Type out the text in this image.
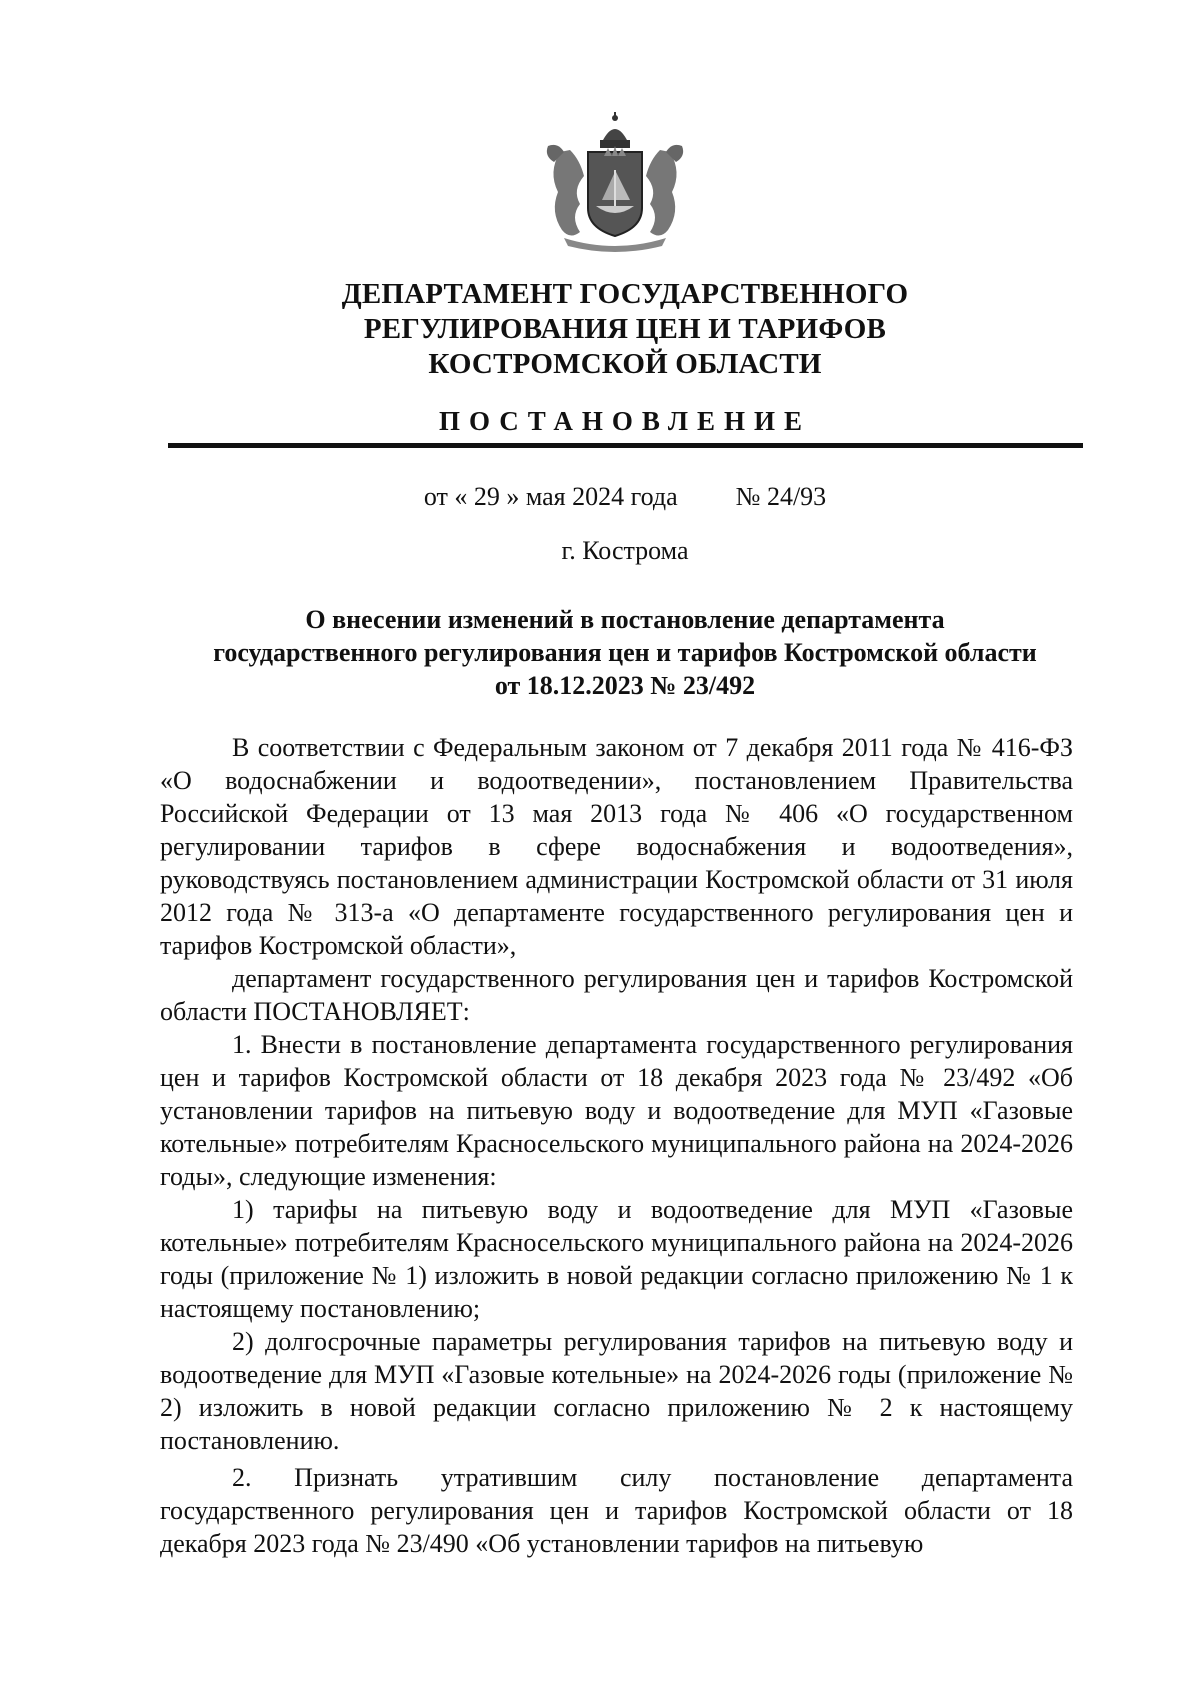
ДЕПАРТАМЕНТ ГОСУДАРСТВЕННОГО
РЕГУЛИРОВАНИЯ ЦЕН И ТАРИФОВ
КОСТРОМСКОЙ ОБЛАСТИ
ПОСТАНОВЛЕНИЕ
от « 29 » мая 2024 года № 24/93
г. Кострома
О внесении изменений в постановление департамента
государственного регулирования цен и тарифов Костромской области
от 18.12.2023 № 23/492

В соответствии с Федеральным законом от 7 декабря 2011 года № 416-ФЗ «О водоснабжении и водоотведении», постановлением Правительства Российской Федерации от 13 мая 2013 года № 406 «О государственном регулировании тарифов в сфере водоснабжения и водоотведения», руководствуясь постановлением администрации Костромской области от 31 июля 2012 года № 313-а «О департаменте государственного регулирования цен и тарифов Костромской области»,

департамент государственного регулирования цен и тарифов Костромской области ПОСТАНОВЛЯЕТ:

1. Внести в постановление департамента государственного регулирования цен и тарифов Костромской области от 18 декабря 2023 года № 23/492 «Об установлении тарифов на питьевую воду и водоотведение для МУП «Газовые котельные» потребителям Красносельского муниципального района на 2024-2026 годы», следующие изменения:

1) тарифы на питьевую воду и водоотведение для МУП «Газовые котельные» потребителям Красносельского муниципального района на 2024-2026 годы (приложение № 1) изложить в новой редакции согласно приложению № 1 к настоящему постановлению;

2) долгосрочные параметры регулирования тарифов на питьевую воду и водоотведение для МУП «Газовые котельные» на 2024-2026 годы (приложение № 2) изложить в новой редакции согласно приложению № 2 к настоящему постановлению.

2. Признать утратившим силу постановление департамента государственного регулирования цен и тарифов Костромской области от 18 декабря 2023 года № 23/490 «Об установлении тарифов на питьевую
